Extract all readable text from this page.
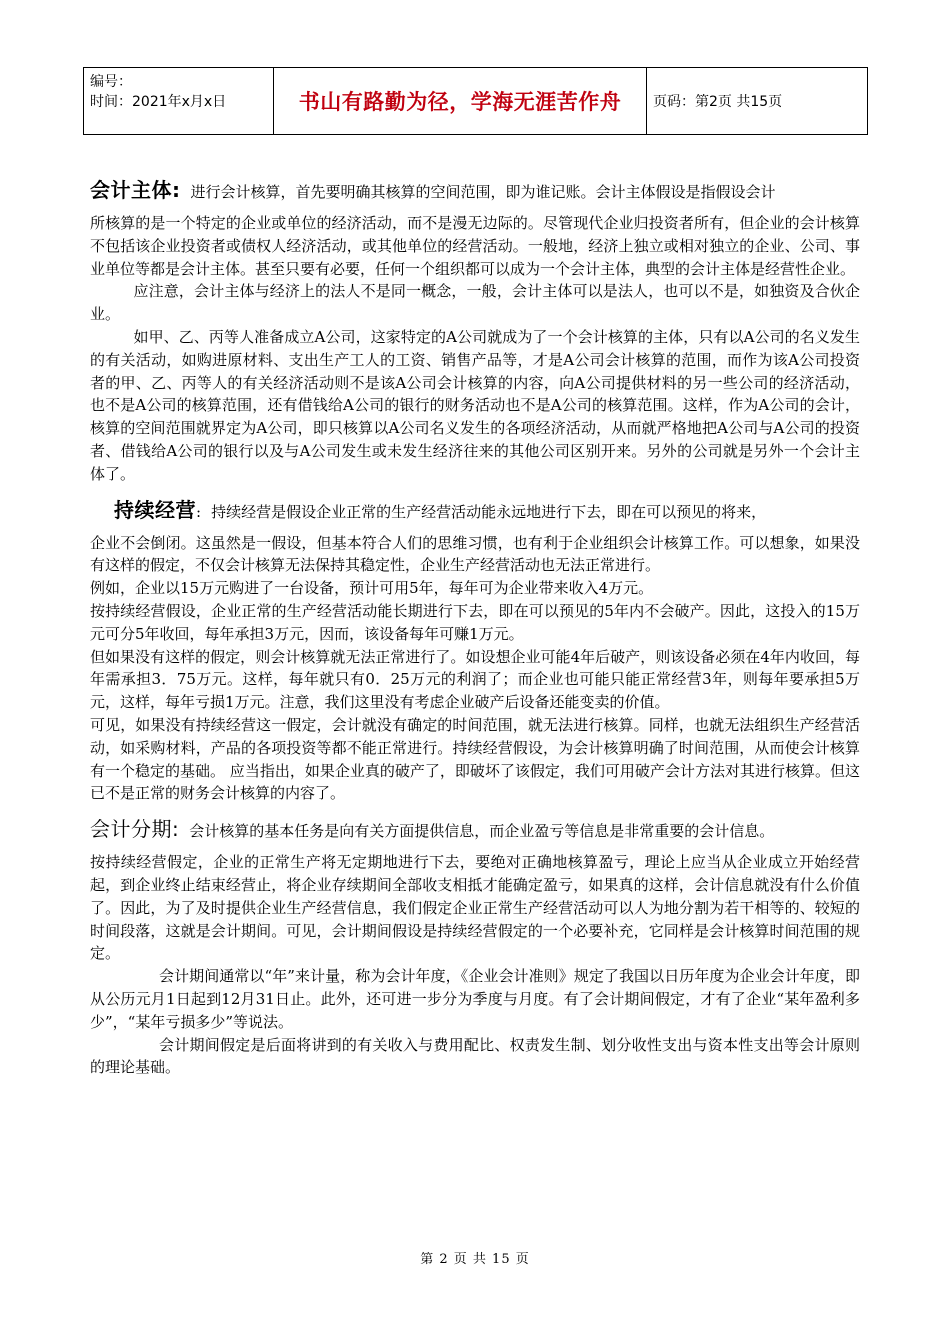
编号：
时间：2021年x月x日	书山有路勤为径，学海无涯苦作舟	页码：第2页 共15页
会计主体: 进行会计核算，首先要明确其核算的空间范围，即为谁记账。会计主体假设是指假设会计

所核算的是一个特定的企业或单位的经济活动，而不是漫无边际的。尽管现代企业归投资者所有，但企业的会计核算不包括该企业投资者或债权人经济活动，或其他单位的经营活动。一般地，经济上独立或相对独立的企业、公司、事业单位等都是会计主体。甚至只要有必要，任何一个组织都可以成为一个会计主体，典型的会计主体是经营性企业。

应注意，会计主体与经济上的法人不是同一概念，一般，会计主体可以是法人，也可以不是，如独资及合伙企业。

如甲、乙、丙等人准备成立A公司，这家特定的A公司就成为了一个会计核算的主体，只有以A公司的名义发生的有关活动，如购进原材料、支出生产工人的工资、销售产品等，才是A公司会计核算的范围，而作为该A公司投资者的甲、乙、丙等人的有关经济活动则不是该A公司会计核算的内容，向A公司提供材料的另一些公司的经济活动，也不是A公司的核算范围，还有借钱给A公司的银行的财务活动也不是A公司的核算范围。这样，作为A公司的会计，核算的空间范围就界定为A公司，即只核算以A公司名义发生的各项经济活动，从而就严格地把A公司与A公司的投资者、借钱给A公司的银行以及与A公司发生或未发生经济往来的其他公司区别开来。另外的公司就是另外一个会计主体了。

持续经营: 持续经营是假设企业正常的生产经营活动能永远地进行下去，即在可以预见的将来，

企业不会倒闭。这虽然是一假设，但基本符合人们的思维习惯，也有利于企业组织会计核算工作。可以想象，如果没有这样的假定，不仅会计核算无法保持其稳定性，企业生产经营活动也无法正常进行。

例如，企业以15万元购进了一台设备，预计可用5年，每年可为企业带来收入4万元。

按持续经营假设，企业正常的生产经营活动能长期进行下去，即在可以预见的5年内不会破产。因此，这投入的15万元可分5年收回，每年承担3万元，因而，该设备每年可赚1万元。

但如果没有这样的假定，则会计核算就无法正常进行了。如设想企业可能4年后破产，则该设备必须在4年内收回，每年需承担3．75万元。这样，每年就只有0．25万元的利润了；而企业也可能只能正常经营3年，则每年要承担5万元，这样，每年亏损1万元。注意，我们这里没有考虑企业破产后设备还能变卖的价值。

可见，如果没有持续经营这一假定，会计就没有确定的时间范围，就无法进行核算。同样，也就无法组织生产经营活动，如采购材料，产品的各项投资等都不能正常进行。持续经营假设，为会计核算明确了时间范围，从而使会计核算有一个稳定的基础。 应当指出，如果企业真的破产了，即破坏了该假定，我们可用破产会计方法对其进行核算。但这已不是正常的财务会计核算的内容了。

会计分期: 会计核算的基本任务是向有关方面提供信息，而企业盈亏等信息是非常重要的会计信息。

按持续经营假定，企业的正常生产将无定期地进行下去，要绝对正确地核算盈亏，理论上应当从企业成立开始经营起，到企业终止结束经营止，将企业存续期间全部收支相抵才能确定盈亏，如果真的这样，会计信息就没有什么价值了。因此，为了及时提供企业生产经营信息，我们假定企业正常生产经营活动可以人为地分割为若干相等的、较短的时间段落，这就是会计期间。可见，会计期间假设是持续经营假定的一个必要补充，它同样是会计核算时间范围的规定。

会计期间通常以“年”来计量，称为会计年度，《企业会计准则》规定了我国以日历年度为企业会计年度，即从公历元月1日起到12月31日止。此外，还可进一步分为季度与月度。有了会计期间假定，才有了企业“某年盈利多少”，“某年亏损多少”等说法。

会计期间假定是后面将讲到的有关收入与费用配比、权责发生制、划分收性支出与资本性支出等会计原则的理论基础。

第 2 页 共 15 页
